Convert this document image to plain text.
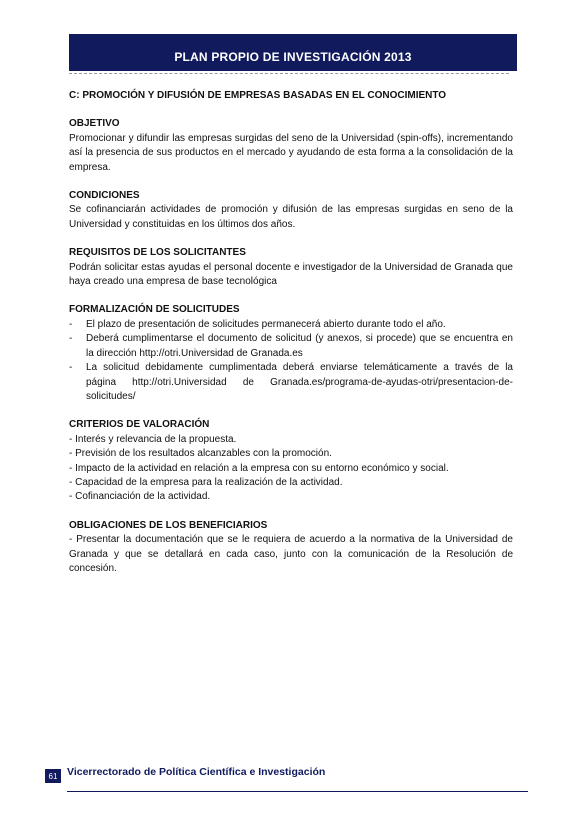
PLAN PROPIO DE INVESTIGACIÓN 2013
C: PROMOCIÓN Y DIFUSIÓN DE EMPRESAS BASADAS EN EL CONOCIMIENTO
OBJETIVO

Promocionar y difundir las empresas surgidas del seno de la Universidad (spin-offs), incrementando así la presencia de sus productos en el mercado y ayudando de esta forma a la consolidación de la empresa.

CONDICIONES

Se cofinanciarán actividades de promoción y difusión de las empresas surgidas en seno de la Universidad y constituidas en los últimos dos años.

REQUISITOS DE LOS SOLICITANTES

Podrán solicitar estas ayudas el personal docente e investigador de la Universidad de Granada que haya creado una empresa de base tecnológica

FORMALIZACIÓN DE SOLICITUDES
- El plazo de presentación de solicitudes permanecerá abierto durante todo el año.
- Deberá cumplimentarse el documento de solicitud (y anexos, si procede) que se encuentra en la dirección http://otri.Universidad de Granada.es
- La solicitud debidamente cumplimentada deberá enviarse telemáticamente a través de la página http://otri.Universidad de Granada.es/programa-de-ayudas-otri/presentacion-de-solicitudes/
CRITERIOS DE VALORACIÓN

- Interés y relevancia de la propuesta.

- Previsión de los resultados alcanzables con la promoción.

- Impacto de la actividad en relación a la empresa con su entorno económico y social.

- Capacidad de la empresa para la realización de la actividad.

- Cofinanciación de la actividad.

OBLIGACIONES DE LOS BENEFICIARIOS

- Presentar la documentación que se le requiera de acuerdo a la normativa de la Universidad de Granada y que se detallará en cada caso, junto con la comunicación de la Resolución de concesión.

61 Vicerrectorado de Política Científica e Investigación
